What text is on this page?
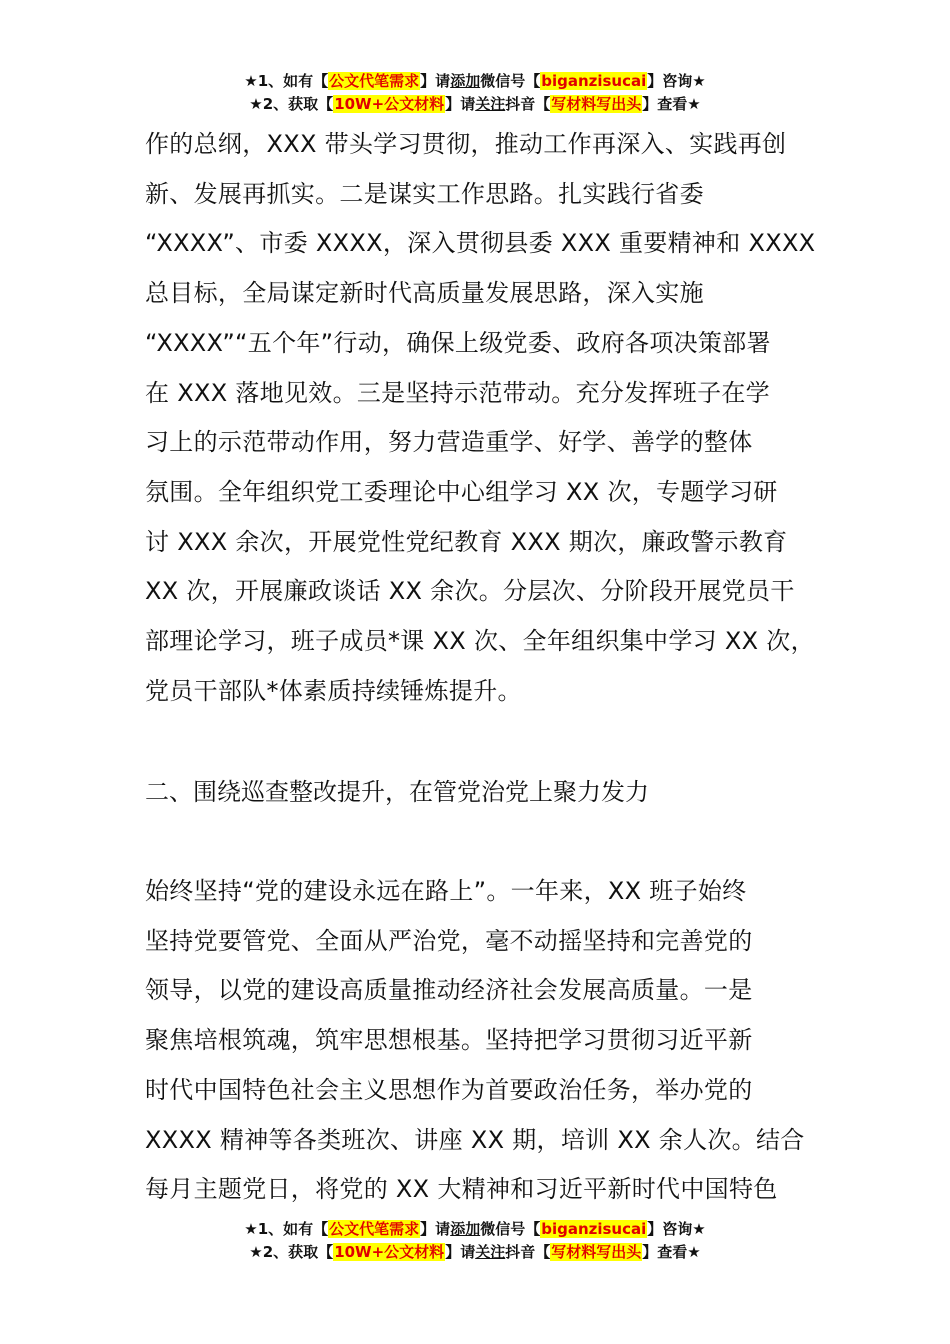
★1、如有【公文代笔需求】请添加微信号【biganzisucai】咨询★
★2、获取【10W+公文材料】请关注抖音【写材料写出头】查看★

作的总纲，XXX 带头学习贯彻，推动工作再深入、实践再创

新、发展再抓实。二是谋实工作思路。扎实践行省委

“XXXX”、市委 XXXX，深入贯彻县委 XXX 重要精神和 XXXX

总目标，全局谋定新时代高质量发展思路，深入实施

“XXXX”“五个年”行动，确保上级党委、政府各项决策部署

在 XXX 落地见效。三是坚持示范带动。充分发挥班子在学

习上的示范带动作用，努力营造重学、好学、善学的整体

氛围。全年组织党工委理论中心组学习 XX 次，专题学习研

讨 XXX 余次，开展党性党纪教育 XXX 期次，廉政警示教育

XX 次，开展廉政谈话 XX 余次。分层次、分阶段开展党员干

部理论学习，班子成员*课 XX 次、全年组织集中学习 XX 次，

党员干部队*体素质持续锤炼提升。

二、围绕巡查整改提升，在管党治党上聚力发力

始终坚持“党的建设永远在路上”。一年来，XX 班子始终

坚持党要管党、全面从严治党，毫不动摇坚持和完善党的

领导，以党的建设高质量推动经济社会发展高质量。一是

聚焦培根筑魂，筑牢思想根基。坚持把学习贯彻习近平新

时代中国特色社会主义思想作为首要政治任务，举办党的

XXXX 精神等各类班次、讲座 XX 期，培训 XX 余人次。结合

每月主题党日，将党的 XX 大精神和习近平新时代中国特色

★1、如有【公文代笔需求】请添加微信号【biganzisucai】咨询★
★2、获取【10W+公文材料】请关注抖音【写材料写出头】查看★
